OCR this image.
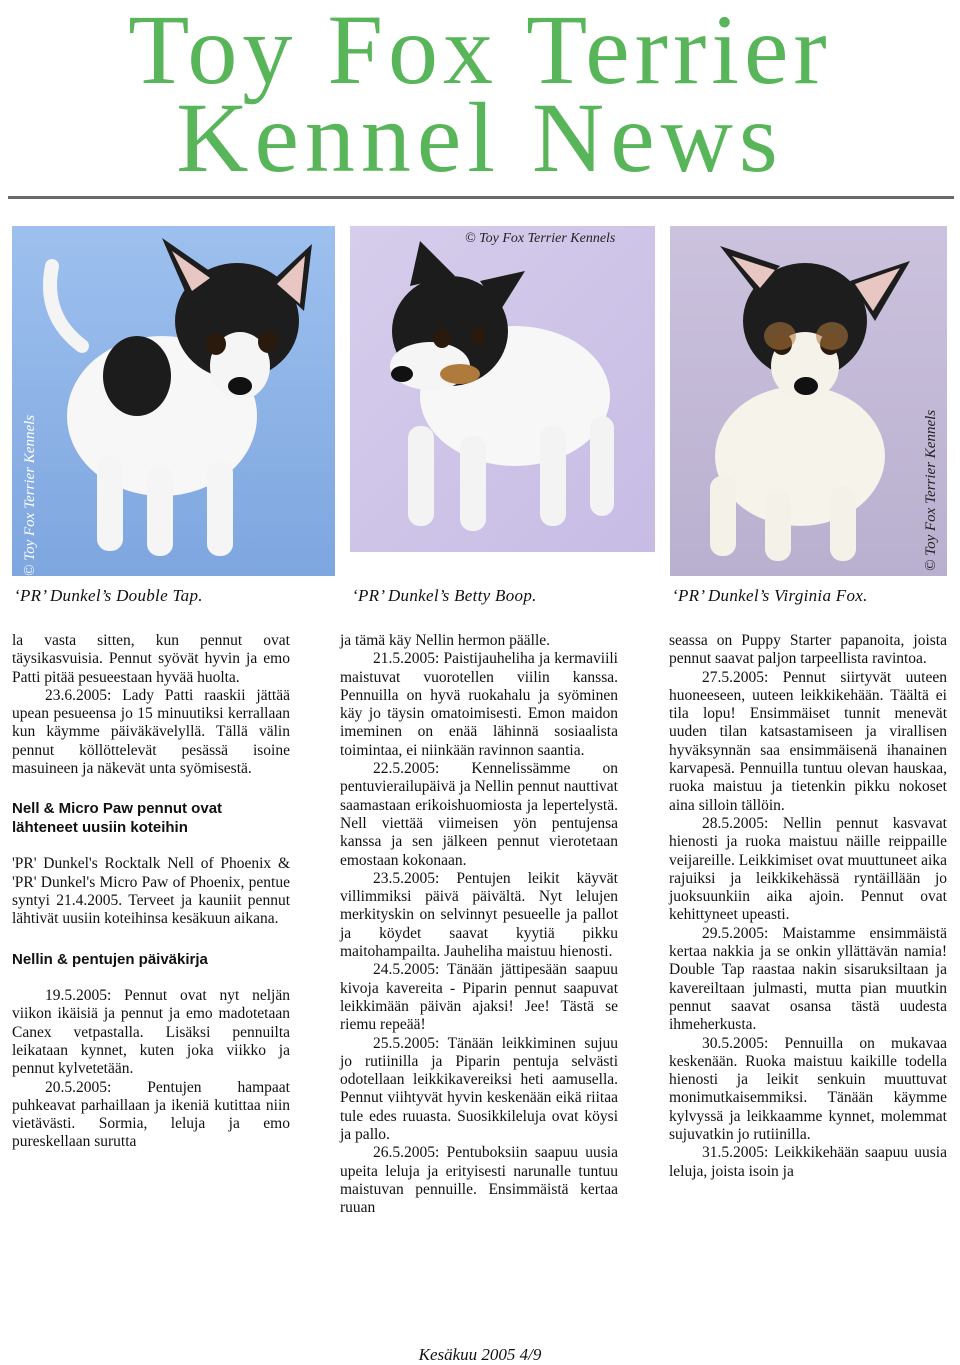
Toy Fox Terrier
Kennel News
© Toy Fox Terrier Kennels
© Toy Fox Terrier Kennels
© Toy Fox Terrier Kennels
‘PR’ Dunkel’s Double Tap.	‘PR’ Dunkel’s Betty Boop.	‘PR’ Dunkel’s Virginia Fox.

la vasta sitten, kun pennut ovat täysikasvuisia. Pennut syövät hyvin ja emo Patti pitää pesueestaan hyvää huolta.

23.6.2005: Lady Patti raaskii jättää upean pesueensa jo 15 minuutiksi kerrallaan kun käymme päiväkävelyllä. Tällä välin pennut köllöttelevät pesässä isoine masuineen ja näkevät unta syömisestä.

Nell & Micro Paw pennut ovat lähteneet uusiin koteihin

'PR' Dunkel's Rocktalk Nell of Phoenix & 'PR' Dunkel's Micro Paw of Phoenix, pentue syntyi 21.4.2005. Terveet ja kauniit pennut lähtivät uusiin koteihinsa kesäkuun aikana.

Nellin & pentujen päiväkirja

19.5.2005: Pennut ovat nyt neljän viikon ikäisiä ja pennut ja emo madotetaan Canex vetpastalla. Lisäksi pennuilta leikataan kynnet, kuten joka viikko ja pennut kylvetetään.

20.5.2005: Pentujen hampaat puhkeavat parhaillaan ja ikeniä kutittaa niin vietävästi. Sormia, leluja ja emo pureskellaan surutta

ja tämä käy Nellin hermon päälle.

21.5.2005: Paistijauheliha ja kermaviili maistuvat vuorotellen viilin kanssa. Pennuilla on hyvä ruokahalu ja syöminen käy jo täysin omatoimisesti. Emon maidon imeminen on enää lähinnä sosiaalista toimintaa, ei niinkään ravinnon saantia.

22.5.2005: Kennelissämme on pentuvierailupäivä ja Nellin pennut nauttivat saamastaan erikoishuomiosta ja lepertelystä. Nell viettää viimeisen yön pentujensa kanssa ja sen jälkeen pennut vierotetaan emostaan kokonaan.

23.5.2005: Pentujen leikit käyvät villimmiksi päivä päivältä. Nyt lelujen merkityskin on selvinnyt pesueelle ja pallot ja köydet saavat kyytiä pikku maitohampailta. Jauheliha maistuu hienosti.

24.5.2005: Tänään jättipesään saapuu kivoja kavereita - Piparin pennut saapuvat leikkimään päivän ajaksi! Jee! Tästä se riemu repeää!

25.5.2005: Tänään leikkiminen sujuu jo rutiinilla ja Piparin pentuja selvästi odotellaan leikkikavereiksi heti aamusella. Pennut viihtyvät hyvin keskenään eikä riitaa tule edes ruuasta. Suosikkileluja ovat köysi ja pallo.

26.5.2005: Pentuboksiin saapuu uusia upeita leluja ja erityisesti narunalle tuntuu maistuvan pennuille. Ensimmäistä kertaa ruuan

seassa on Puppy Starter papanoita, joista pennut saavat paljon tarpeellista ravintoa.

27.5.2005: Pennut siirtyvät uuteen huoneeseen, uuteen leikkikehään. Täältä ei tila lopu! Ensimmäiset tunnit menevät uuden tilan katsastamiseen ja virallisen hyväksynnän saa ensimmäisenä ihanainen karvapesä. Pennuilla tuntuu olevan hauskaa, ruoka maistuu ja tietenkin pikku nokoset aina silloin tällöin.

28.5.2005: Nellin pennut kasvavat hienosti ja ruoka maistuu näille reippaille veijareille. Leikkimiset ovat muuttuneet aika rajuiksi ja leikkikehässä ryntäillään jo juoksuunkiin aika ajoin. Pennut ovat kehittyneet upeasti.

29.5.2005: Maistamme ensimmäistä kertaa nakkia ja se onkin yllättävän namia! Double Tap raastaa nakin sisaruksiltaan ja kavereiltaan julmasti, mutta pian muutkin pennut saavat osansa tästä uudesta ihmeherkusta.

30.5.2005: Pennuilla on mukavaa keskenään. Ruoka maistuu kaikille todella hienosti ja leikit senkuin muuttuvat monimutkaisemmiksi. Tänään käymme kylvyssä ja leikkaamme kynnet, molemmat sujuvatkin jo rutiinilla.

31.5.2005: Leikkikehään saapuu uusia leluja, joista isoin ja

Kesäkuu 2005 4/9
